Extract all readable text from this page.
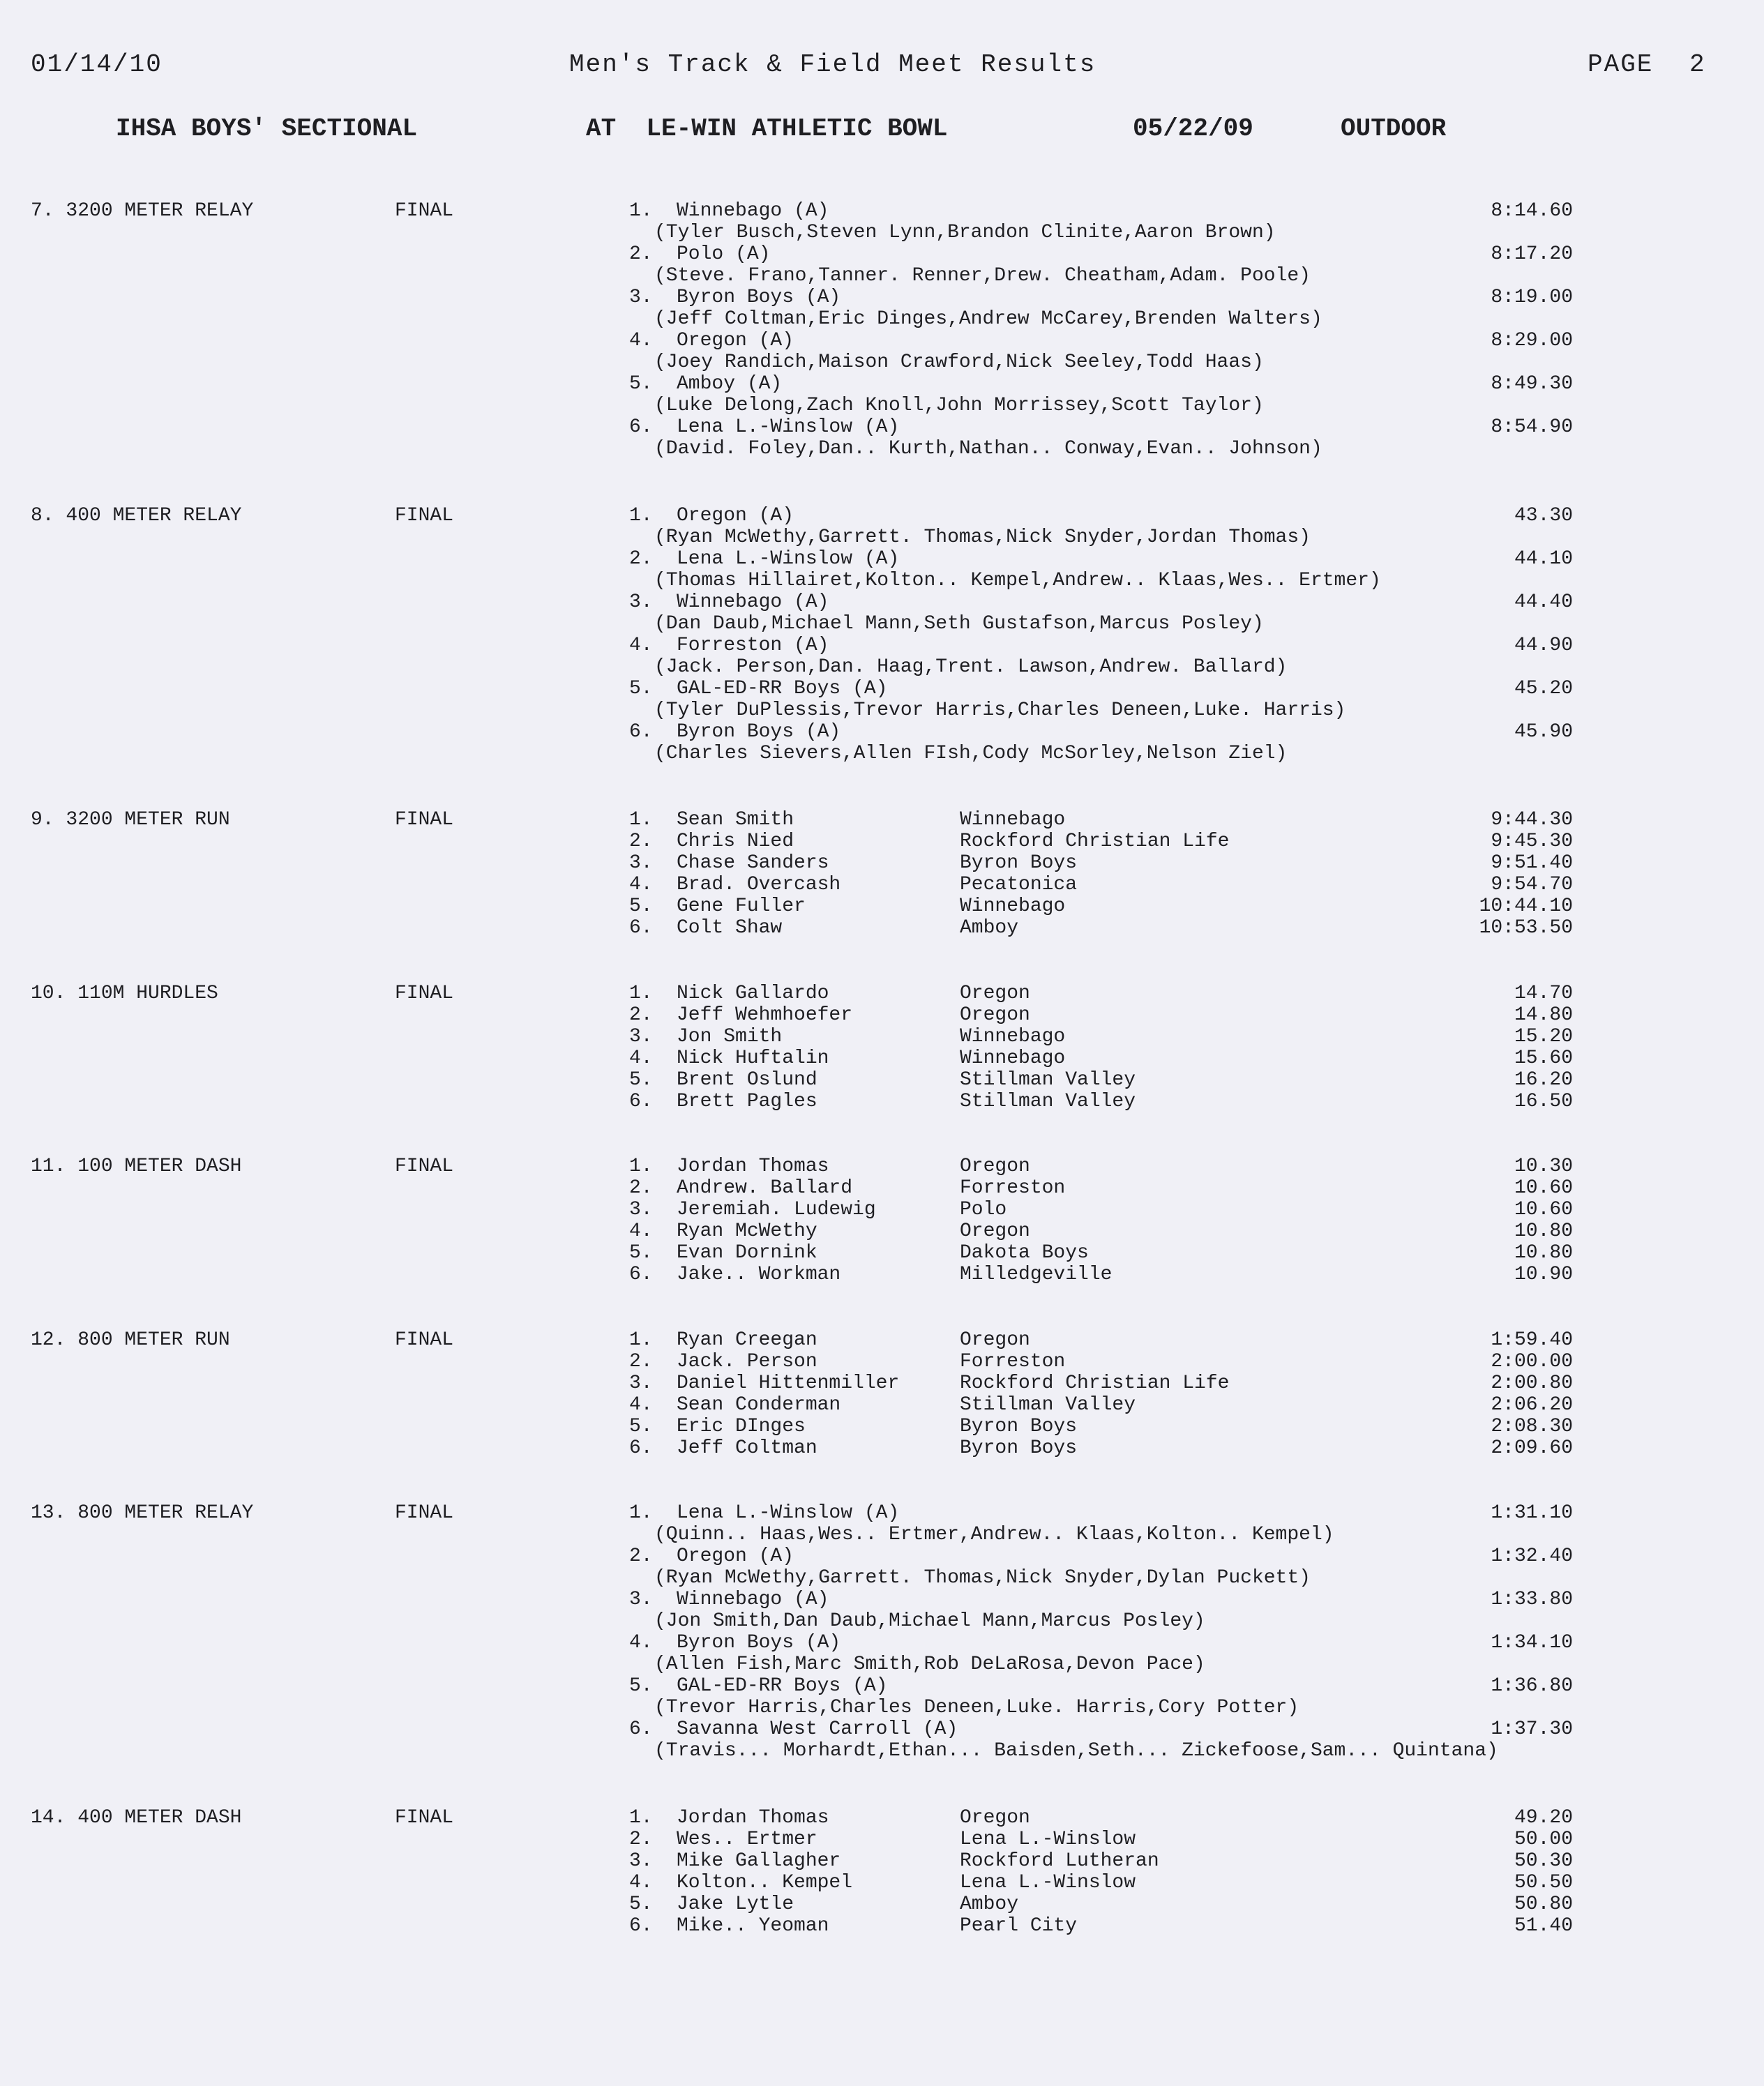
01/14/10	Men's Track & Field Meet Results	PAGE 2
IHSA BOYS' SECTIONAL	AT  LE-WIN ATHLETIC BOWL	05/22/09	OUTDOOR
7. 3200 METER RELAY	FINAL	1. Winnebago (A)	8:14.60
(Tyler Busch,Steven Lynn,Brandon Clinite,Aaron Brown)
2. Polo (A)	8:17.20
(Steve. Frano,Tanner. Renner,Drew. Cheatham,Adam. Poole)
3. Byron Boys (A)	8:19.00
(Jeff Coltman,Eric Dinges,Andrew McCarey,Brenden Walters)
4. Oregon (A)	8:29.00
(Joey Randich,Maison Crawford,Nick Seeley,Todd Haas)
5. Amboy (A)	8:49.30
(Luke Delong,Zach Knoll,John Morrissey,Scott Taylor)
6. Lena L.-Winslow (A)	8:54.90
(David. Foley,Dan.. Kurth,Nathan.. Conway,Evan.. Johnson)
8. 400 METER RELAY	FINAL	1. Oregon (A)	43.30
(Ryan McWethy,Garrett. Thomas,Nick Snyder,Jordan Thomas)
2. Lena L.-Winslow (A)	44.10
(Thomas Hillairet,Kolton.. Kempel,Andrew.. Klaas,Wes.. Ertmer)
3. Winnebago (A)	44.40
(Dan Daub,Michael Mann,Seth Gustafson,Marcus Posley)
4. Forreston (A)	44.90
(Jack. Person,Dan. Haag,Trent. Lawson,Andrew. Ballard)
5. GAL-ED-RR Boys (A)	45.20
(Tyler DuPlessis,Trevor Harris,Charles Deneen,Luke. Harris)
6. Byron Boys (A)	45.90
(Charles Sievers,Allen FIsh,Cody McSorley,Nelson Ziel)
9. 3200 METER RUN	FINAL	1. Sean Smith	Winnebago	9:44.30
2. Chris Nied	Rockford Christian Life	9:45.30
3. Chase Sanders	Byron Boys	9:51.40
4. Brad. Overcash	Pecatonica	9:54.70
5. Gene Fuller	Winnebago	10:44.10
6. Colt Shaw	Amboy	10:53.50
10. 110M HURDLES	FINAL	1. Nick Gallardo	Oregon	14.70
2. Jeff Wehmhoefer	Oregon	14.80
3. Jon Smith	Winnebago	15.20
4. Nick Huftalin	Winnebago	15.60
5. Brent Oslund	Stillman Valley	16.20
6. Brett Pagles	Stillman Valley	16.50
11. 100 METER DASH	FINAL	1. Jordan Thomas	Oregon	10.30
2. Andrew. Ballard	Forreston	10.60
3. Jeremiah. Ludewig	Polo	10.60
4. Ryan McWethy	Oregon	10.80
5. Evan Dornink	Dakota Boys	10.80
6. Jake.. Workman	Milledgeville	10.90
12. 800 METER RUN	FINAL	1. Ryan Creegan	Oregon	1:59.40
2. Jack. Person	Forreston	2:00.00
3. Daniel Hittenmiller	Rockford Christian Life	2:00.80
4. Sean Conderman	Stillman Valley	2:06.20
5. Eric DInges	Byron Boys	2:08.30
6. Jeff Coltman	Byron Boys	2:09.60
13. 800 METER RELAY	FINAL	1. Lena L.-Winslow (A)	1:31.10
(Quinn.. Haas,Wes.. Ertmer,Andrew.. Klaas,Kolton.. Kempel)
2. Oregon (A)	1:32.40
(Ryan McWethy,Garrett. Thomas,Nick Snyder,Dylan Puckett)
3. Winnebago (A)	1:33.80
(Jon Smith,Dan Daub,Michael Mann,Marcus Posley)
4. Byron Boys (A)	1:34.10
(Allen Fish,Marc Smith,Rob DeLaRosa,Devon Pace)
5. GAL-ED-RR Boys (A)	1:36.80
(Trevor Harris,Charles Deneen,Luke. Harris,Cory Potter)
6. Savanna West Carroll (A)	1:37.30
(Travis... Morhardt,Ethan... Baisden,Seth... Zickefoose,Sam... Quintana)
14. 400 METER DASH	FINAL	1. Jordan Thomas	Oregon	49.20
2. Wes.. Ertmer	Lena L.-Winslow	50.00
3. Mike Gallagher	Rockford Lutheran	50.30
4. Kolton.. Kempel	Lena L.-Winslow	50.50
5. Jake Lytle	Amboy	50.80
6. Mike.. Yeoman	Pearl City	51.40
